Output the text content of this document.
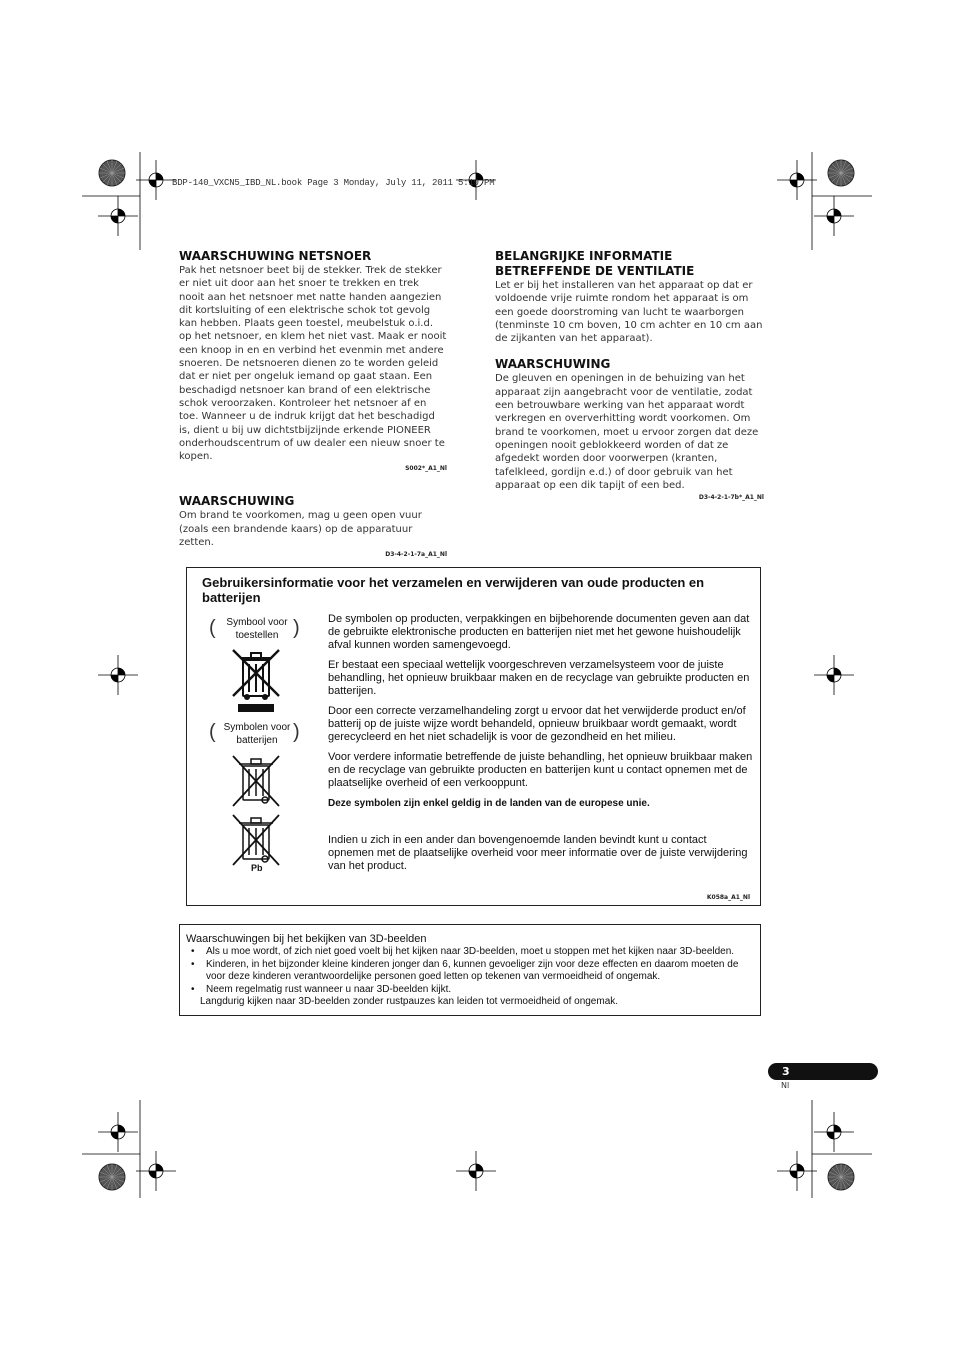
BDP-140_VXCN5_IBD_NL.book Page 3 Monday, July 11, 2011 5:19 PM
WAARSCHUWING NETSNOER
Pak het netsnoer beet bij de stekker. Trek de stekker er niet uit door aan het snoer te trekken en trek nooit aan het netsnoer met natte handen aangezien dit kortsluiting of een elektrische schok tot gevolg kan hebben. Plaats geen toestel, meubelstuk o.i.d. op het netsnoer, en klem het niet vast. Maak er nooit een knoop in en en verbind het evenmin met andere snoeren. De netsnoeren dienen zo te worden geleid dat er niet per ongeluk iemand op gaat staan. Een beschadigd netsnoer kan brand of een elektrische schok veroorzaken. Kontroleer het netsnoer af en toe. Wanneer u de indruk krijgt dat het beschadigd is, dient u bij uw dichtstbijzijnde erkende PIONEER onderhoudscentrum of uw dealer een nieuw snoer te kopen.
S002*_A1_Nl
WAARSCHUWING
Om brand te voorkomen, mag u geen open vuur (zoals een brandende kaars) op de apparatuur zetten.
D3-4-2-1-7a_A1_Nl
BELANGRIJKE INFORMATIE BETREFFENDE DE VENTILATIE
Let er bij het installeren van het apparaat op dat er voldoende vrije ruimte rondom het apparaat is om een goede doorstroming van lucht te waarborgen (tenminste 10 cm boven, 10 cm achter en 10 cm aan de zijkanten van het apparaat).
WAARSCHUWING
De gleuven en openingen in de behuizing van het apparaat zijn aangebracht voor de ventilatie, zodat een betrouwbare werking van het apparaat wordt verkregen en oververhitting wordt voorkomen. Om brand te voorkomen, moet u ervoor zorgen dat deze openingen nooit geblokkeerd worden of dat ze afgedekt worden door voorwerpen (kranten, tafelkleed, gordijn e.d.) of door gebruik van het apparaat op een dik tapijt of een bed.
D3-4-2-1-7b*_A1_Nl
Gebruikersinformatie voor het verzamelen en verwijderen van oude producten en batterijen
(	Symbool voor toestellen )
( Symbolen voor batterijen )
Pb

De symbolen op producten, verpakkingen en bijbehorende documenten geven aan dat de gebruikte elektronische producten en batterijen niet met het gewone huishoudelijk afval kunnen worden samengevoegd.

Er bestaat een speciaal wettelijk voorgeschreven verzamelsysteem voor de juiste behandling, het opnieuw bruikbaar maken en de recyclage van gebruikte producten en batterijen.

Door een correcte verzamelhandeling zorgt u ervoor dat het verwijderde product en/of batterij op de juiste wijze wordt behandeld, opnieuw bruikbaar wordt gemaakt, wordt gerecycleerd en het niet schadelijk is voor de gezondheid en het milieu.

Voor verdere informatie betreffende de juiste behandling, het opnieuw bruikbaar maken en de recyclage van gebruikte producten en batterijen kunt u contact opnemen met de plaatselijke overheid of een verkooppunt.

Deze symbolen zijn enkel geldig in de landen van de europese unie.

Indien u zich in een ander dan bovengenoemde landen bevindt kunt u contact opnemen met de plaatselijke overheid voor meer informatie over de juiste verwijdering van het product.

K058a_A1_Nl
Waarschuwingen bij het bekijken van 3D-beelden
• Als u moe wordt, of zich niet goed voelt bij het kijken naar 3D-beelden, moet u stoppen met het kijken naar 3D-beelden.
• Kinderen, in het bijzonder kleine kinderen jonger dan 6, kunnen gevoeliger zijn voor deze effecten en daarom moeten de voor deze kinderen verantwoordelijke personen goed letten op tekenen van vermoeidheid of ongemak.
• Neem regelmatig rust wanneer u naar 3D-beelden kijkt.
Langdurig kijken naar 3D-beelden zonder rustpauzes kan leiden tot vermoeidheid of ongemak.
3
Nl
